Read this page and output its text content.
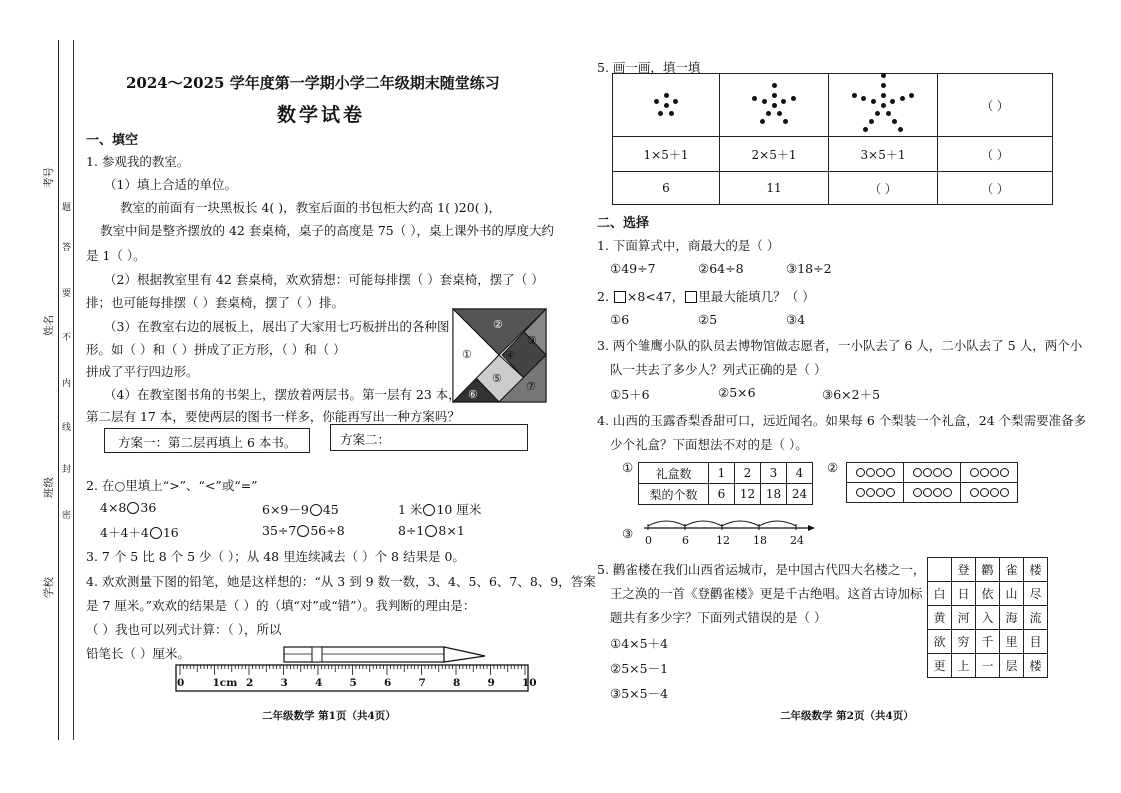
考号
姓名
班级
学校
题
答
要
不
内
线
封
密
2024～2025 学年度第一学期小学二年级期末随堂练习
数学试卷
一、填空
1. 参观我的教室。
（1）填上合适的单位。
教室的前面有一块黑板长 4( )，教室后面的书包柜大约高 1( )20( )，
教室中间是整齐摆放的 42 套桌椅，桌子的高度是 75（ ），桌上课外书的厚度大约
是 1（ ）。
（2）根据教室里有 42 套桌椅，欢欢猜想：可能每排摆（ ）套桌椅，摆了（ ）
排；也可能每排摆（ ）套桌椅，摆了（ ）排。
（3）在教室右边的展板上，展出了大家用七巧板拼出的各种图
形。如（ ）和（ ）拼成了正方形，（ ）和（ ）
拼成了平行四边形。
①
②
③
④
⑤
⑥
⑦
（4）在教室图书角的书架上，摆放着两层书。第一层有 23 本，
第二层有 17 本，要使两层的图书一样多，你能再写出一种方案吗？
方案一：第二层再填上 6 本书。	方案二：
2. 在○里填上“>”、“<”或“=”
4×8 36	6×9－9 45	1 米 10 厘米
4＋4＋4 16	35÷7 56÷8	8÷1 8×1
3. 7 个 5 比 8 个 5 少（ ）；从 48 里连续减去（ ）个 8 结果是 0。
4. 欢欢测量下图的铅笔，她是这样想的：“从 3 到 9 数一数，3、4、5、6、7、8、9，答案
是 7 厘米。”欢欢的结果是（ ）的（填“对”或“错”）。我判断的理由是：
（ ）我也可以列式计算：（ ），所以
铅笔长（ ）厘米。
0	1cm 2	3	4	5	6	7	8	9	10
二年级数学 第1页（共4页）
5. 画一画，填一填

	（ ）
1×5＋1	2×5＋1	3×5＋1	（ ）
6	11	（ ）	（ ）
二、选择
1. 下面算式中，商最大的是（ ）
①49÷7	②64÷8	③18÷2
2. ×8<47， 里最大能填几？（ ）
①6	②5	③4
3. 两个雏鹰小队的队员去博物馆做志愿者，一小队去了 6 人，二小队去了 5 人，两个小
队一共去了多少人？列式正确的是（ ）
①5＋6	②5×6	③6×2＋5
4. 山西的玉露香梨香甜可口，远近闻名。如果每 6 个梨装一个礼盒，24 个梨需要准备多
少个礼盒？下面想法不对的是（ ）。
① 礼盒数	1	2	3	4
梨的个数	6	12	18	24
②

③ 0	6 12 18 24
5. 鹳雀楼在我们山西省运城市，是中国古代四大名楼之一，
王之涣的一首《登鹳雀楼》更是千古绝唱。这首古诗加标
题共有多少字？下面列式错误的是（ ）
①4×5＋4
②5×5－1
③5×5－4
	登	鹳	雀	楼
白	日	依	山	尽
黄	河	入	海	流
欲	穷	千	里	目
更	上	一	层	楼
二年级数学 第2页（共4页）
